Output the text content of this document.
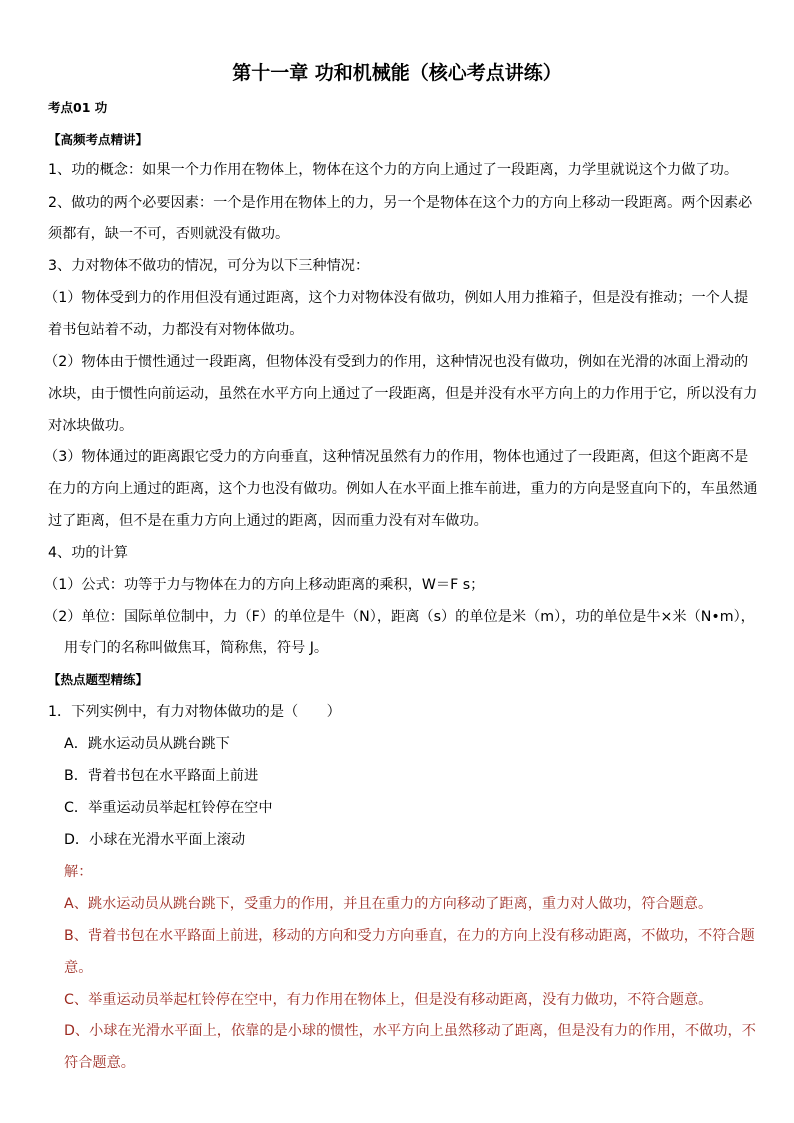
第十一章 功和机械能（核心考点讲练）
考点01 功
【高频考点精讲】
1、功的概念：如果一个力作用在物体上，物体在这个力的方向上通过了一段距离，力学里就说这个力做了功。
2、做功的两个必要因素：一个是作用在物体上的力，另一个是物体在这个力的方向上移动一段距离。两个因素必
须都有，缺一不可，否则就没有做功。
3、力对物体不做功的情况，可分为以下三种情况：
（1）物体受到力的作用但没有通过距离，这个力对物体没有做功，例如人用力推箱子，但是没有推动；一个人提
着书包站着不动，力都没有对物体做功。
（2）物体由于惯性通过一段距离，但物体没有受到力的作用，这种情况也没有做功，例如在光滑的冰面上滑动的
冰块，由于惯性向前运动，虽然在水平方向上通过了一段距离，但是并没有水平方向上的力作用于它，所以没有力
对冰块做功。
（3）物体通过的距离跟它受力的方向垂直，这种情况虽然有力的作用，物体也通过了一段距离，但这个距离不是
在力的方向上通过的距离，这个力也没有做功。例如人在水平面上推车前进，重力的方向是竖直向下的，车虽然通
过了距离，但不是在重力方向上通过的距离，因而重力没有对车做功。
4、功的计算
（1）公式：功等于力与物体在力的方向上移动距离的乘积，W＝F s；
（2）单位：国际单位制中，力（F）的单位是牛（N），距离（s）的单位是米（m），功的单位是牛×米（N•m），
用专门的名称叫做焦耳，简称焦，符号 J。
【热点题型精练】
1．下列实例中，有力对物体做功的是（　　）
A．跳水运动员从跳台跳下
B．背着书包在水平路面上前进
C．举重运动员举起杠铃停在空中
D．小球在光滑水平面上滚动
解：
A、跳水运动员从跳台跳下，受重力的作用，并且在重力的方向移动了距离，重力对人做功，符合题意。
B、背着书包在水平路面上前进，移动的方向和受力方向垂直，在力的方向上没有移动距离，不做功，不符合题
意。
C、举重运动员举起杠铃停在空中，有力作用在物体上，但是没有移动距离，没有力做功，不符合题意。
D、小球在光滑水平面上，依靠的是小球的惯性，水平方向上虽然移动了距离，但是没有力的作用，不做功，不
符合题意。
